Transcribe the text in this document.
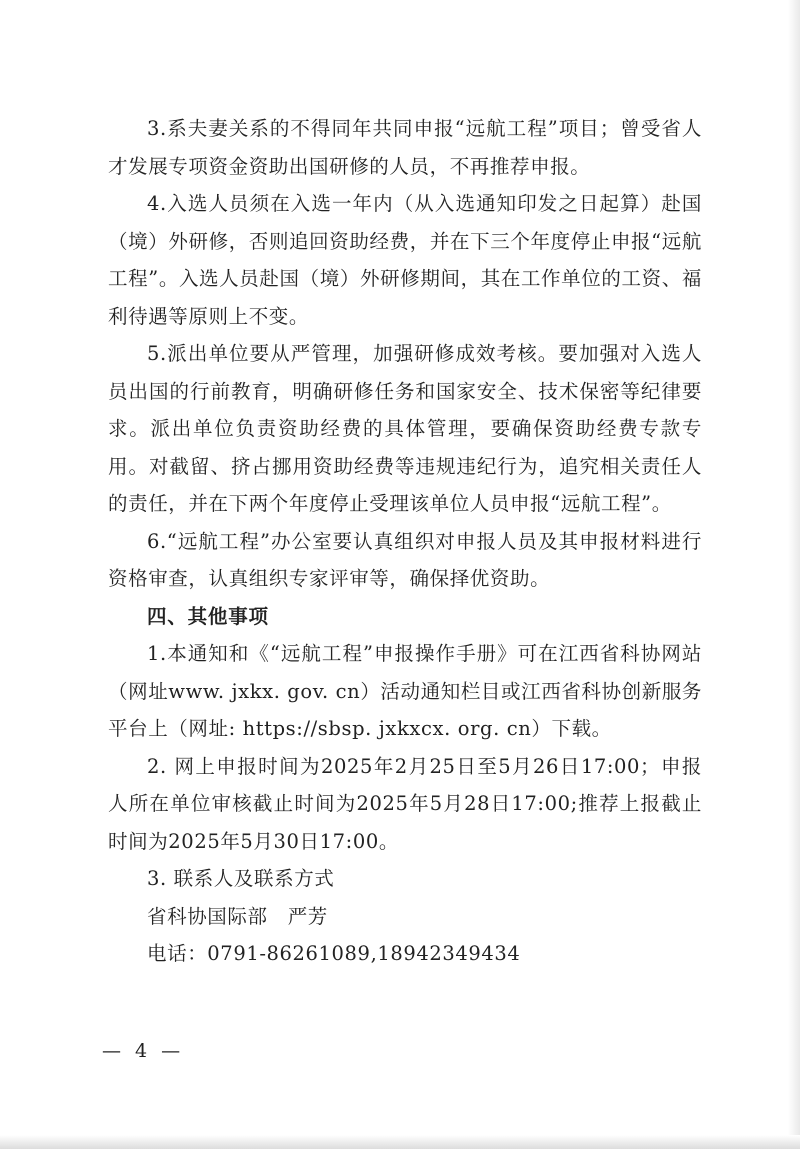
3.系夫妻关系的不得同年共同申报“远航工程”项目；曾受省人才发展专项资金资助出国研修的人员，不再推荐申报。

4.入选人员须在入选一年内（从入选通知印发之日起算）赴国（境）外研修，否则追回资助经费，并在下三个年度停止申报“远航工程”。入选人员赴国（境）外研修期间，其在工作单位的工资、福利待遇等原则上不变。

5.派出单位要从严管理，加强研修成效考核。要加强对入选人员出国的行前教育，明确研修任务和国家安全、技术保密等纪律要求。派出单位负责资助经费的具体管理，要确保资助经费专款专用。对截留、挤占挪用资助经费等违规违纪行为，追究相关责任人的责任，并在下两个年度停止受理该单位人员申报“远航工程”。

6.“远航工程”办公室要认真组织对申报人员及其申报材料进行资格审查，认真组织专家评审等，确保择优资助。

四、其他事项

1.本通知和《“远航工程”申报操作手册》可在江西省科协网站（网址www. jxkx. gov. cn）活动通知栏目或江西省科协创新服务平台上（网址: https://sbsp. jxkxcx. org. cn）下载。

2. 网上申报时间为2025年2月25日至5月26日17:00；申报人所在单位审核截止时间为2025年5月28日17:00;推荐上报截止时间为2025年5月30日17:00。

3. 联系人及联系方式

省科协国际部　严芳

电话：0791-86261089,18942349434

— 4 —
